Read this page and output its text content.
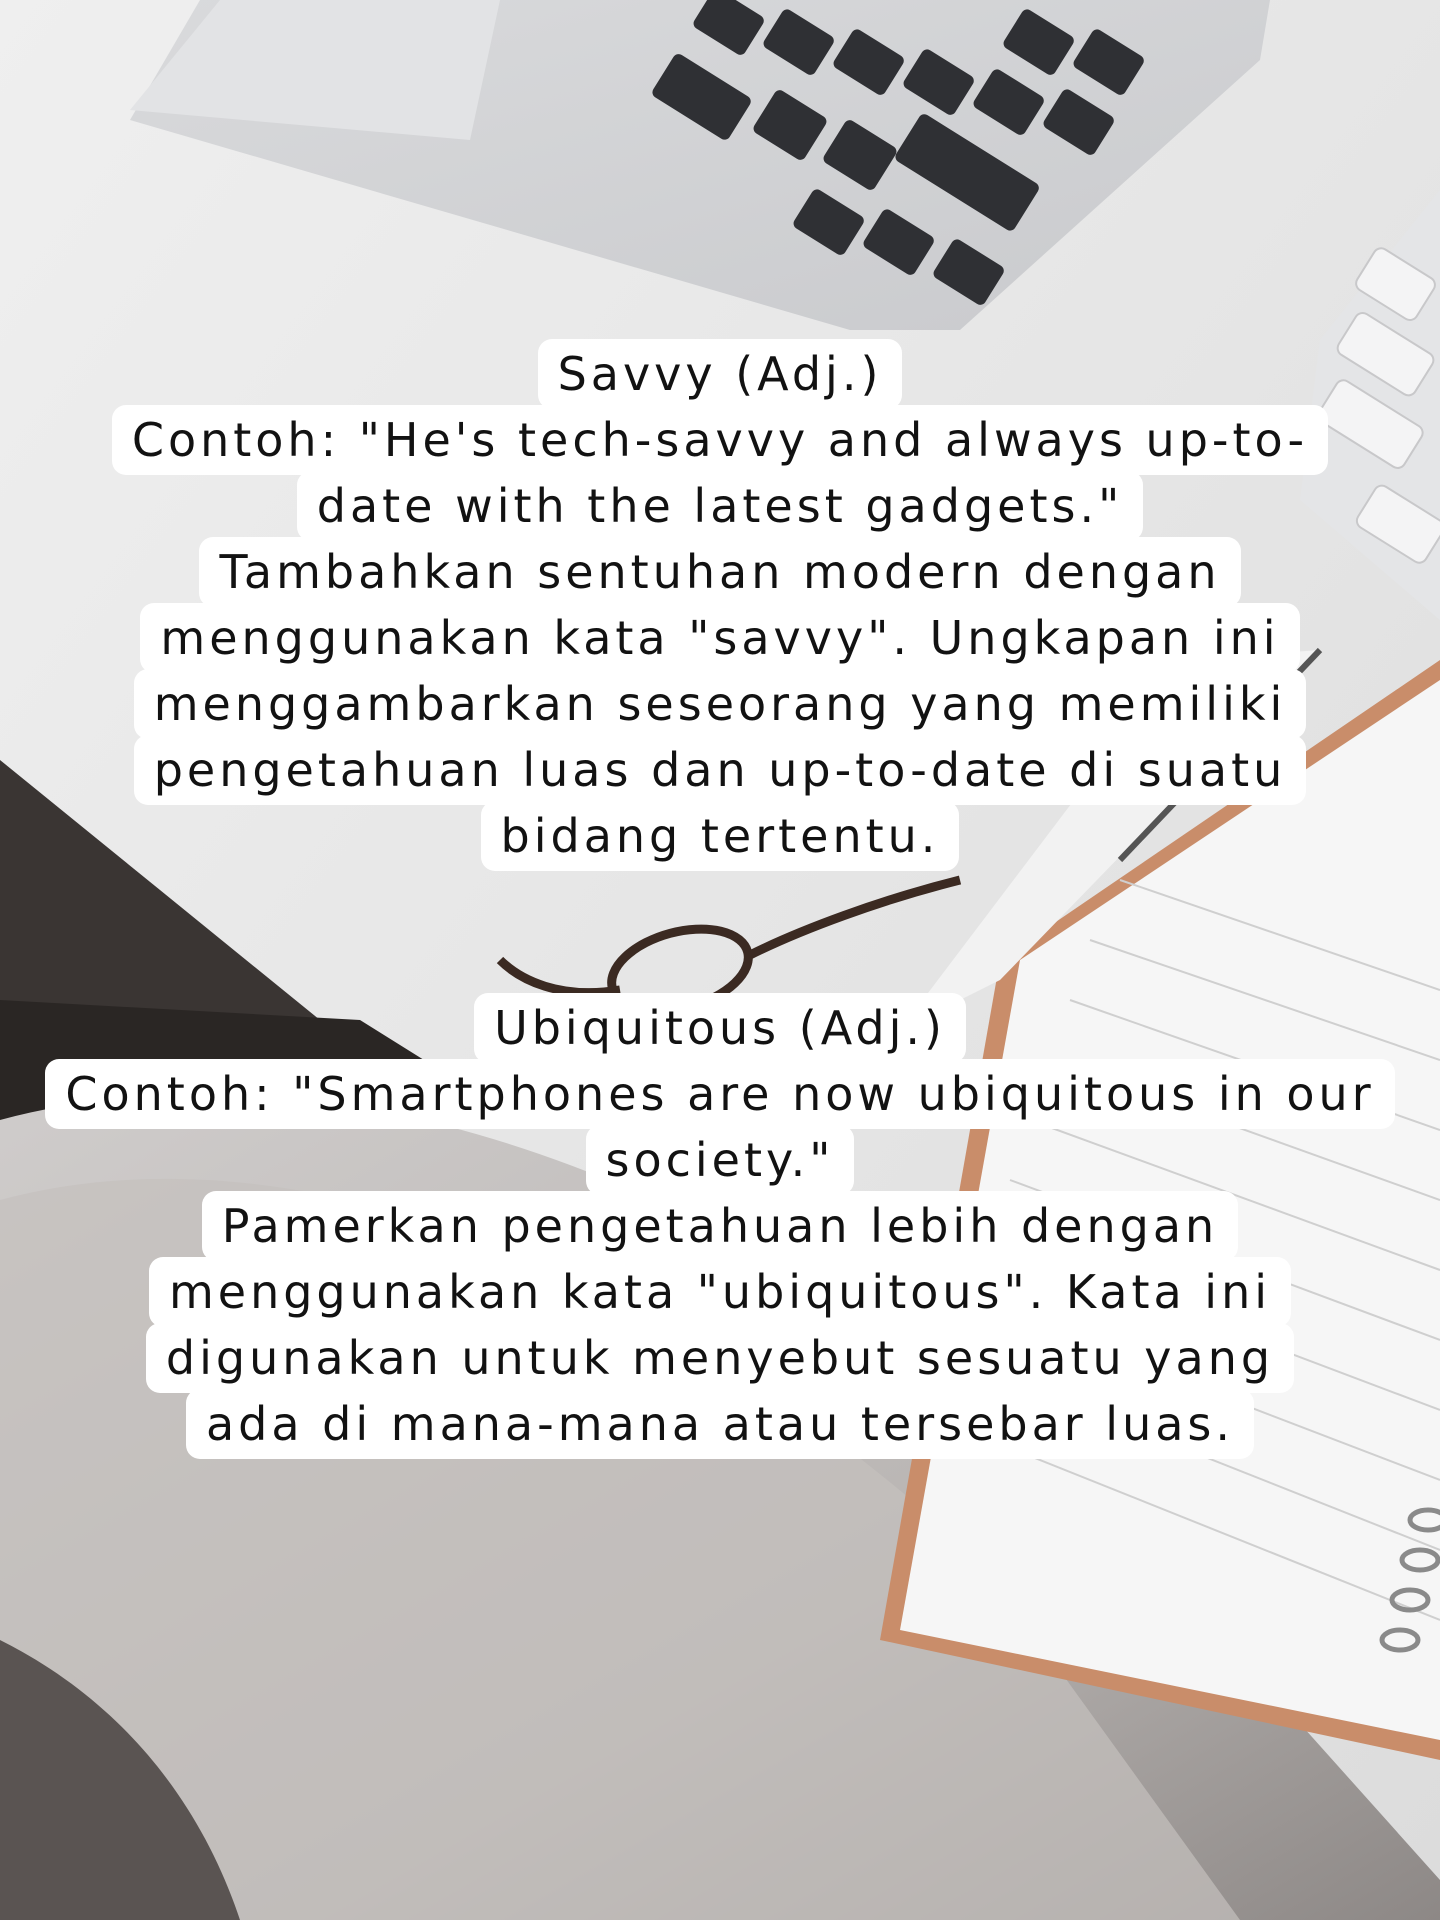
Savvy (Adj.)
Contoh: "He's tech-savvy and always up-to-
date with the latest gadgets."
Tambahkan sentuhan modern dengan
menggunakan kata "savvy". Ungkapan ini
menggambarkan seseorang yang memiliki
pengetahuan luas dan up-to-date di suatu
bidang tertentu.
Ubiquitous (Adj.)
Contoh: "Smartphones are now ubiquitous in our
society."
Pamerkan pengetahuan lebih dengan
menggunakan kata "ubiquitous". Kata ini
digunakan untuk menyebut sesuatu yang
ada di mana-mana atau tersebar luas.
